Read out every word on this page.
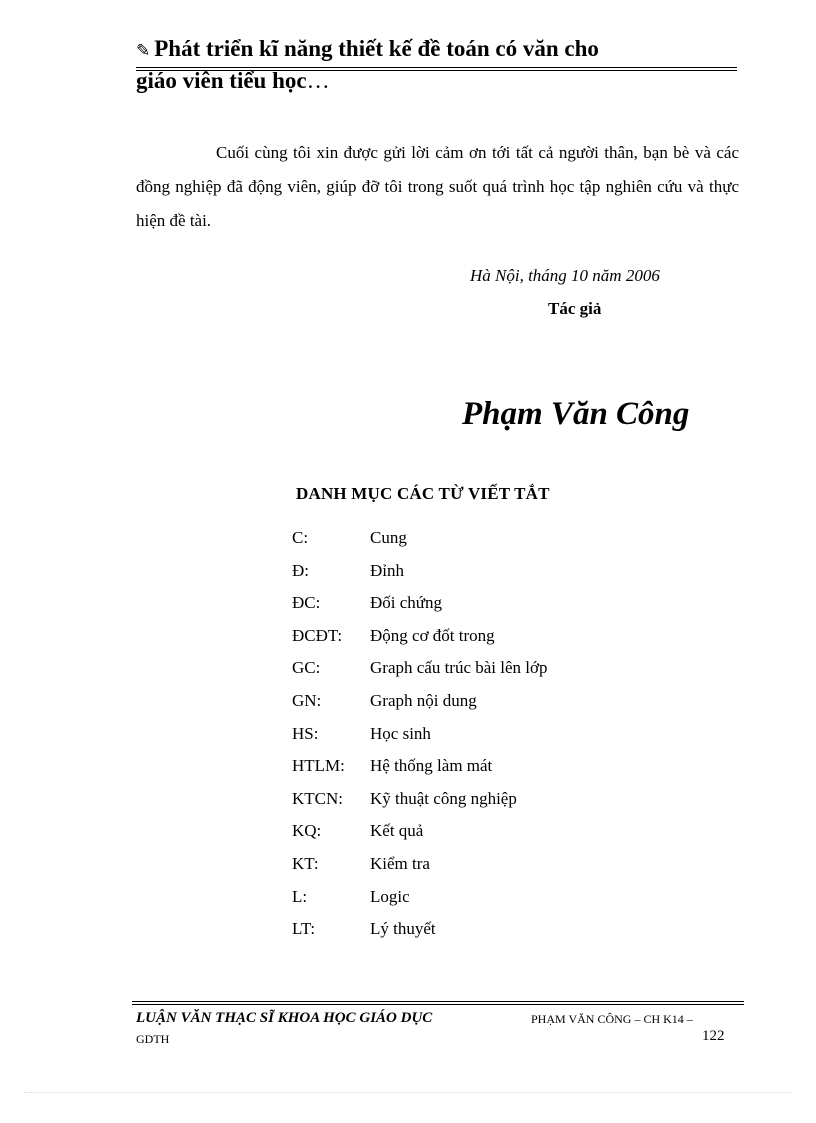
✎ Phát triển kĩ năng thiết kế đề toán có văn cho
giáo viên tiểu học…
Cuối cùng tôi xin được gửi lời cảm ơn tới tất cả người thân, bạn bè và các đồng nghiệp đã động viên, giúp đỡ tôi trong suốt quá trình học tập nghiên cứu và thực hiện đề tài.
Hà Nội, tháng 10 năm 2006
Tác giả
Phạm Văn Công
DANH MỤC CÁC TỪ VIẾT TẮT
C:	Cung
Đ:	Đỉnh
ĐC:	Đối chứng
ĐCĐT: Động cơ đốt trong
GC:	Graph cấu trúc bài lên lớp
GN:	Graph nội dung
HS:	Học sinh
HTLM: Hệ thống làm mát
KTCN: Kỹ thuật công nghiệp
KQ:	Kết quả
KT:	Kiểm tra
L:	Logic
LT:	Lý thuyết
LUẬN VĂN THẠC SĨ KHOA HỌC GIÁO DỤC	PHẠM VĂN CÔNG – CH K14 –
GDTH	122
